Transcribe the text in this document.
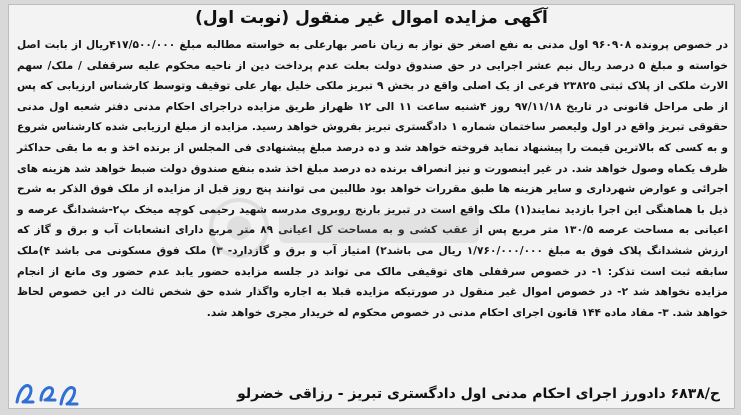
آگهی مزایده اموال غیر منقول (نوبت اول)

در خصوص پرونده ۹۶۰۹۰۸ اول مدنی به نفع اصغر حق نواز به زیان ناصر بهارعلی به خواسته مطالبه مبلغ ۴۱۷/۵۰۰/۰۰۰ریال از بابت اصل خواسته و مبلغ ۵ درصد ریال نیم عشر اجرایی در حق صندوق دولت بعلت عدم پرداخت دین از ناحیه محکوم علیه سرقفلی / ملک/ سهم الارث ملکی از پلاک ثبتی ۲۳۸۲۵ فرعی از یک اصلی واقع در بخش ۹ تبریز ملکی خلیل بهار علی توقیف وتوسط کارشناس ارزیابی که پس از طی مراحل قانونی در تاریخ ۹۷/۱۱/۱۸ روز ۴شنبه ساعت ۱۱ الی ۱۲ ظهراز طریق مزایده دراجرای احکام مدنی دفتر شعبه اول مدنی حقوقی تبریز واقع در اول ولیعصر ساختمان شماره ۱ دادگستری تبریز بفروش خواهد رسید. مزایده از مبلغ ارزیابی شده کارشناس شروع و به کسی که بالاترین قیمت را پیشنهاد نماید فروخته خواهد شد و ده درصد مبلغ پیشنهادی فی المجلس از برنده اخذ و به ما بقی حداکثر ظرف یکماه وصول خواهد شد. در غیر اینصورت و نیز انصراف برنده ده درصد مبلغ اخذ شده بنفع صندوق دولت ضبط خواهد شد هزینه های اجرائی و عوارض شهرداری و سایر هزینه ها طبق مقررات خواهد بود طالبین می توانند پنج روز قبل از مزایده از ملک فوق الذکر به شرح ذیل با هماهنگی این اجرا بازدید نمایند(۱) ملک واقع است در تبریز بارنج روبروی مدرسه شهید رحیمی کوچه میخک پ۲-ششدانگ عرصه و اعیانی به مساحت عرصه ۱۳۰/۵ متر مربع پس از عقب کشی و به مساحت کل اعیانی ۸۹ متر مربع دارای انشعابات آب و برق و گاز که ارزش ششدانگ پلاک فوق به مبلغ ۱/۷۶۰/۰۰۰/۰۰۰ ریال می باشد۲) امتیاز آب و برق و گازدارد- ۳) ملک فوق مسکونی می باشد ۴)ملک سابقه ثبت است تذکر: ۱- در خصوص سرقفلی های توقیفی مالک می تواند در جلسه مزایده حضور یابد عدم حضور وی مانع از انجام مزایده نخواهد شد ۲- در خصوص اموال غیر منقول در صورتیکه مزایده قبلا به اجاره واگذار شده حق شخص ثالث در این خصوص لحاظ خواهد شد. ۳- مفاد ماده ۱۴۴ قانون اجرای احکام مدنی در خصوص محکوم له خریدار مجری خواهد شد.

ح/۶۸۳۸ دادورز اجرای احکام مدنی اول دادگستری تبریز - رزاقی خضرلو
